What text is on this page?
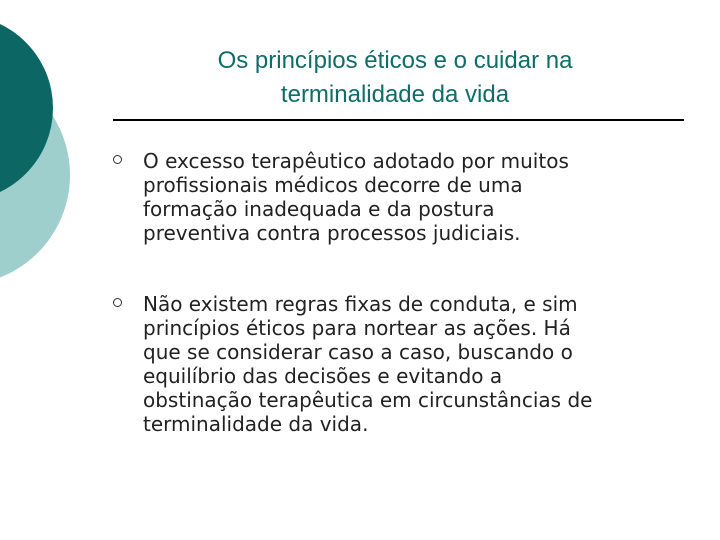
Os princípios éticos e o cuidar na
terminalidade da vida
O excesso terapêutico adotado por muitos
profissionais médicos decorre de uma
formação inadequada e da postura
preventiva contra processos judiciais.
Não existem regras fixas de conduta, e sim
princípios éticos para nortear as ações. Há
que se considerar caso a caso, buscando o
equilíbrio das decisões e evitando a
obstinação terapêutica em circunstâncias de
terminalidade da vida.
